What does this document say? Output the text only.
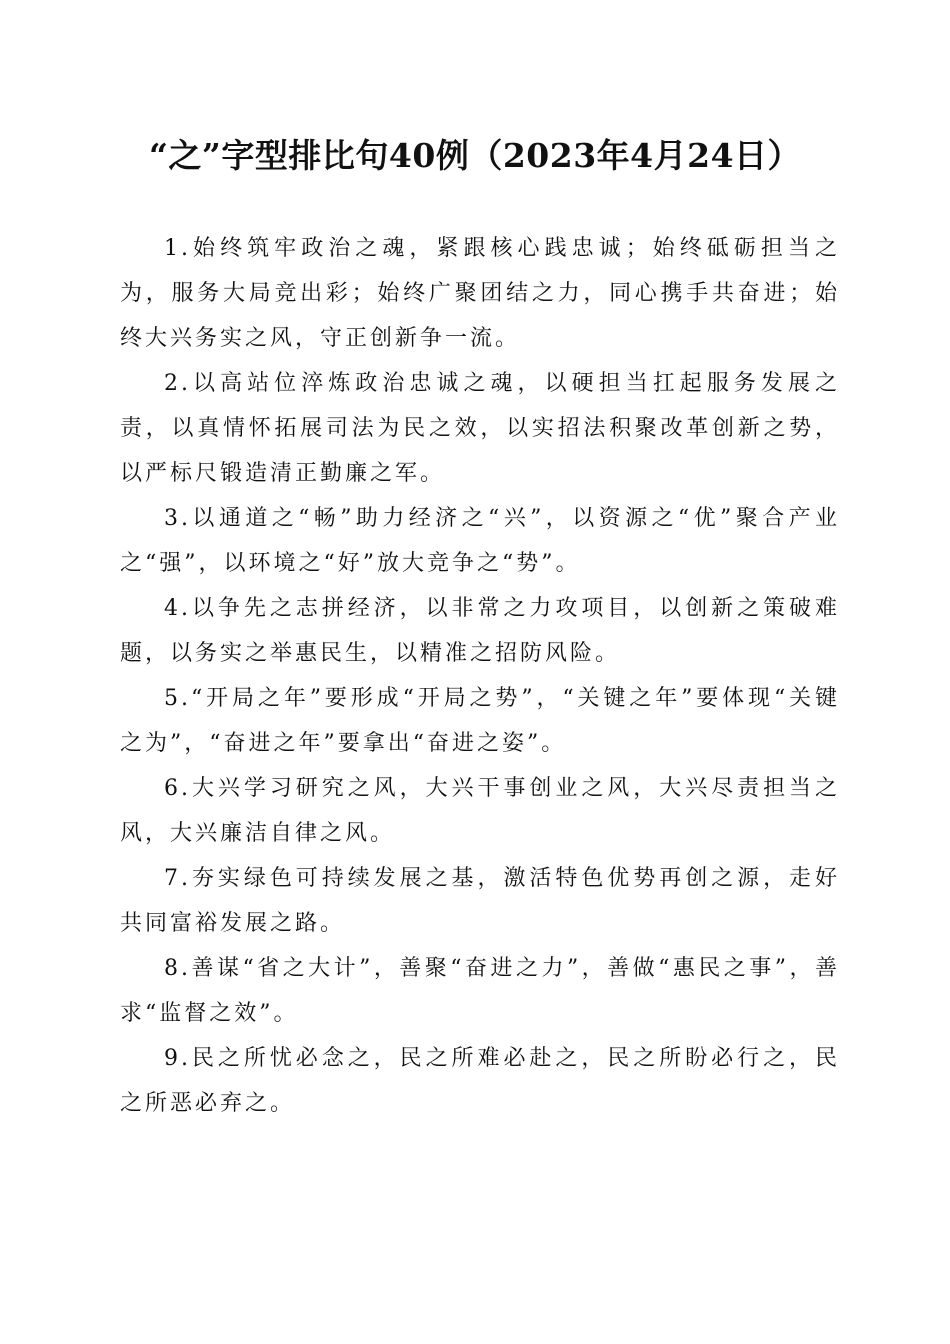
“之”字型排比句40例（2023年4月24日）

1.始终筑牢政治之魂，紧跟核心践忠诚；始终砥砺担当之为，服务大局竞出彩；始终广聚团结之力，同心携手共奋进；始终大兴务实之风，守正创新争一流。

2.以高站位淬炼政治忠诚之魂，以硬担当扛起服务发展之责，以真情怀拓展司法为民之效，以实招法积聚改革创新之势，以严标尺锻造清正勤廉之军。

3.以通道之“畅”助力经济之“兴”，以资源之“优”聚合产业之“强”，以环境之“好”放大竞争之“势”。

4.以争先之志拼经济，以非常之力攻项目，以创新之策破难题，以务实之举惠民生，以精准之招防风险。

5.“开局之年”要形成“开局之势”，“关键之年”要体现“关键之为”，“奋进之年”要拿出“奋进之姿”。

6.大兴学习研究之风，大兴干事创业之风，大兴尽责担当之风，大兴廉洁自律之风。

7.夯实绿色可持续发展之基，激活特色优势再创之源，走好共同富裕发展之路。

8.善谋“省之大计”，善聚“奋进之力”，善做“惠民之事”，善求“监督之效”。

9.民之所忧必念之，民之所难必赴之，民之所盼必行之，民之所恶必弃之。
